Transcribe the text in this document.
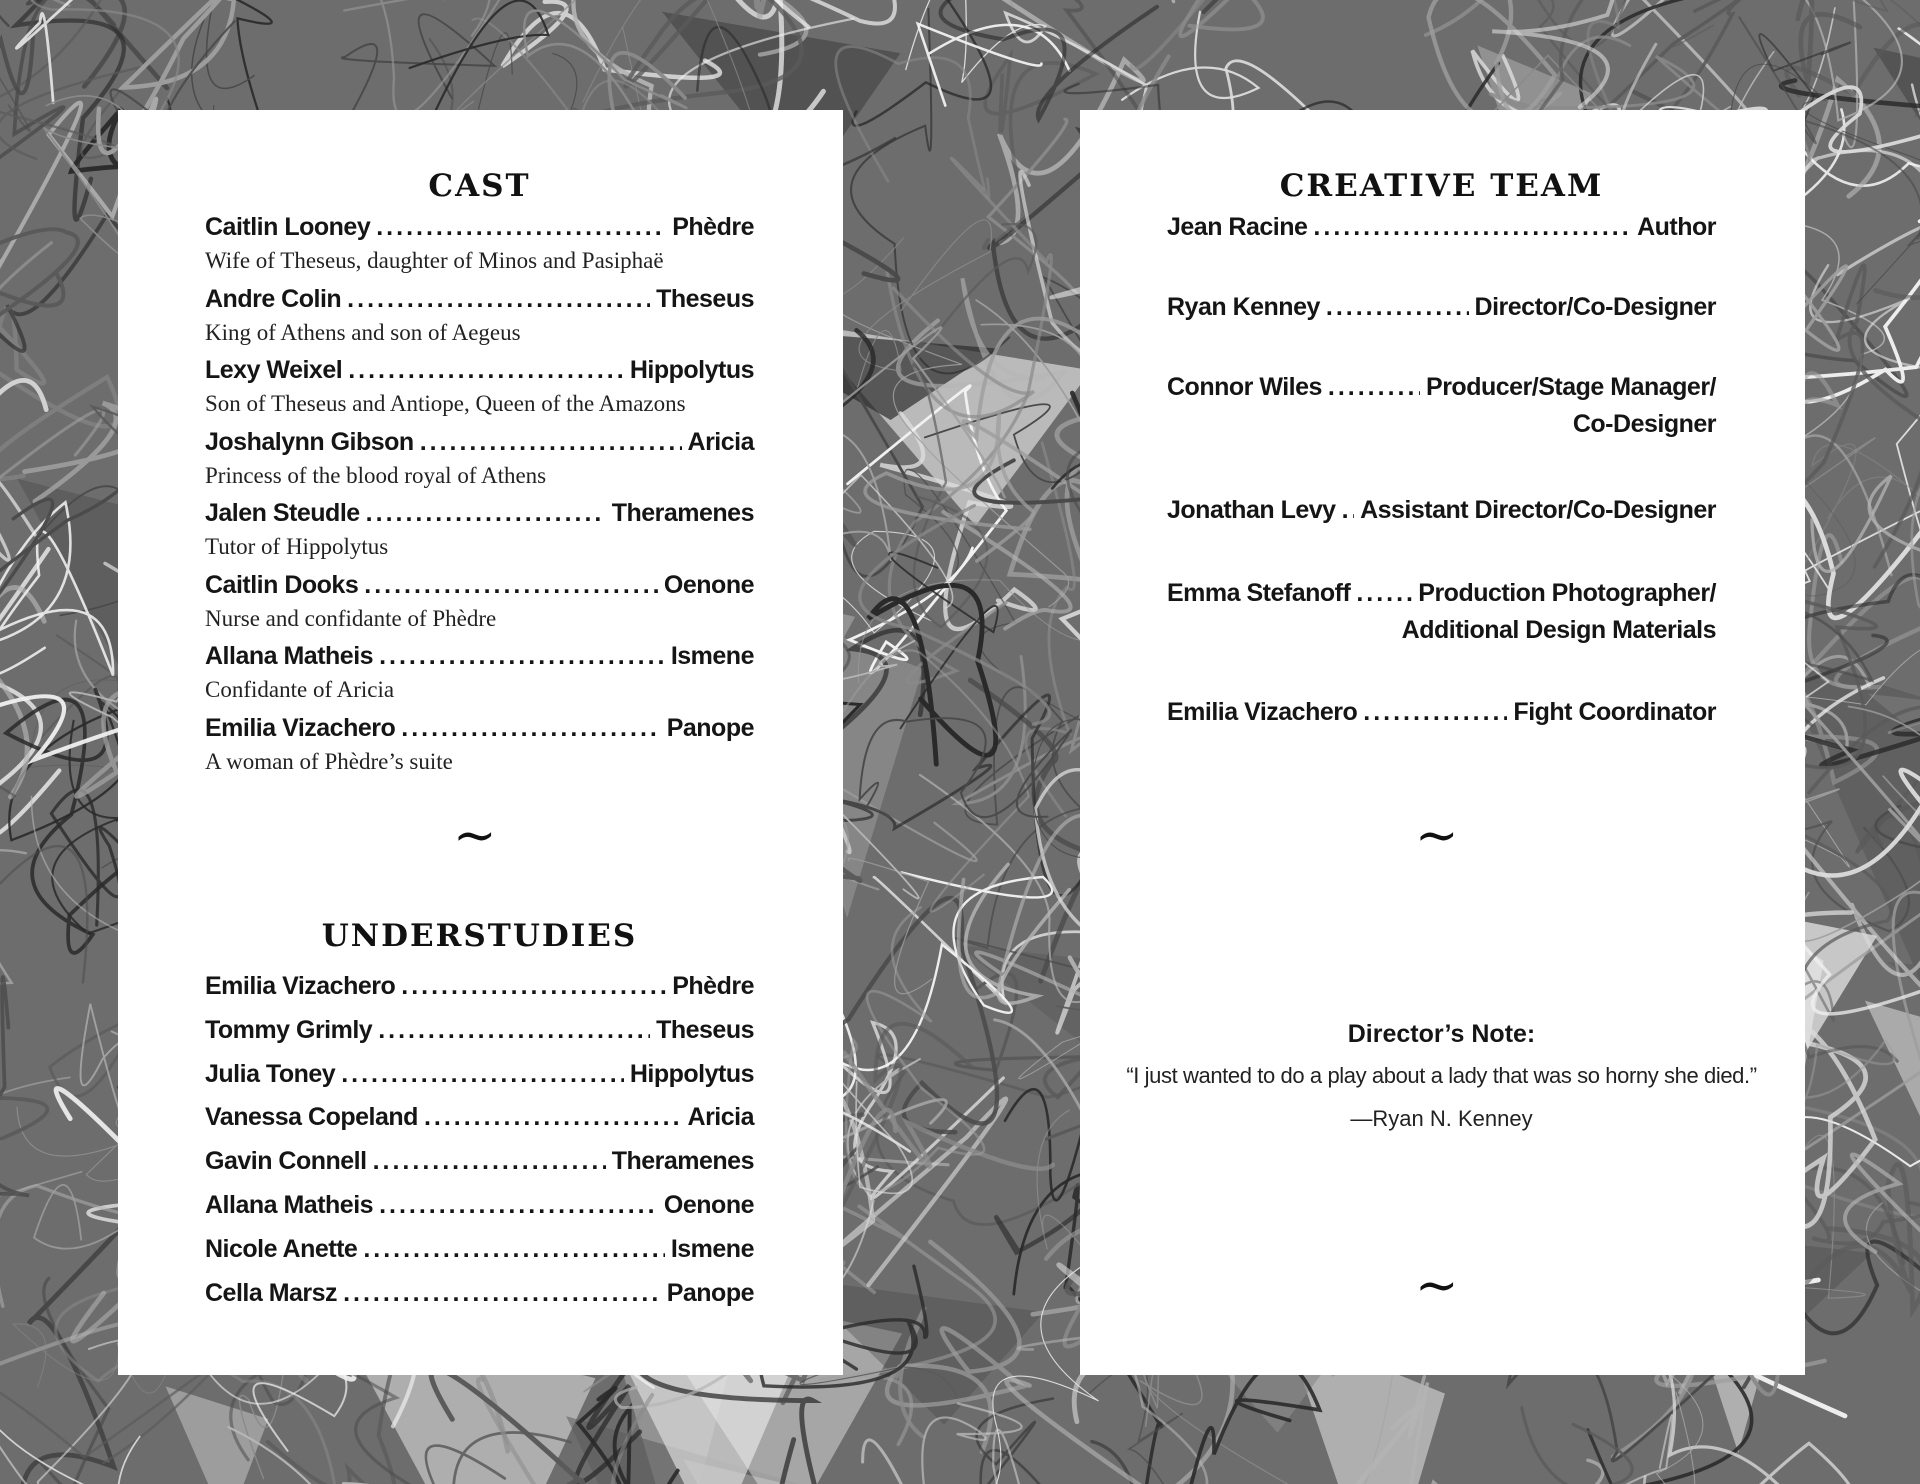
CAST
Caitlin Looney .....	Phèdre
Wife of Theseus, daughter of Minos and Pasiphaë
Andre Colin .....	Theseus
King of Athens and son of Aegeus
Lexy Weixel .....	Hippolytus
Son of Theseus and Antiope, Queen of the Amazons
Joshalynn Gibson .....	Aricia
Princess of the blood royal of Athens
Jalen Steudle .....	Theramenes
Tutor of Hippolytus
Caitlin Dooks .....	Oenone
Nurse and confidante of Phèdre
Allana Matheis .....	Ismene
Confidante of Aricia
Emilia Vizachero .....	Panope
A woman of Phèdre’s suite
~
UNDERSTUDIES
Emilia Vizachero .....	Phèdre
Tommy Grimly .....	Theseus
Julia Toney .....	Hippolytus
Vanessa Copeland .....	Aricia
Gavin Connell .....	Theramenes
Allana Matheis .....	Oenone
Nicole Anette .....	Ismene
Cella Marsz .....	Panope
CREATIVE TEAM
Jean Racine .....	Author
Ryan Kenney .....	Director/Co-Designer
Connor Wiles .....	Producer/Stage Manager/
Co-Designer
Jonathan Levy ..... Assistant Director/Co-Designer
Emma Stefanoff .....	Production Photographer/
Additional Design Materials
Emilia Vizachero .....	Fight Coordinator
~
Director’s Note:
“I just wanted to do a play about a lady that was so horny she died.”
—Ryan N. Kenney
~
